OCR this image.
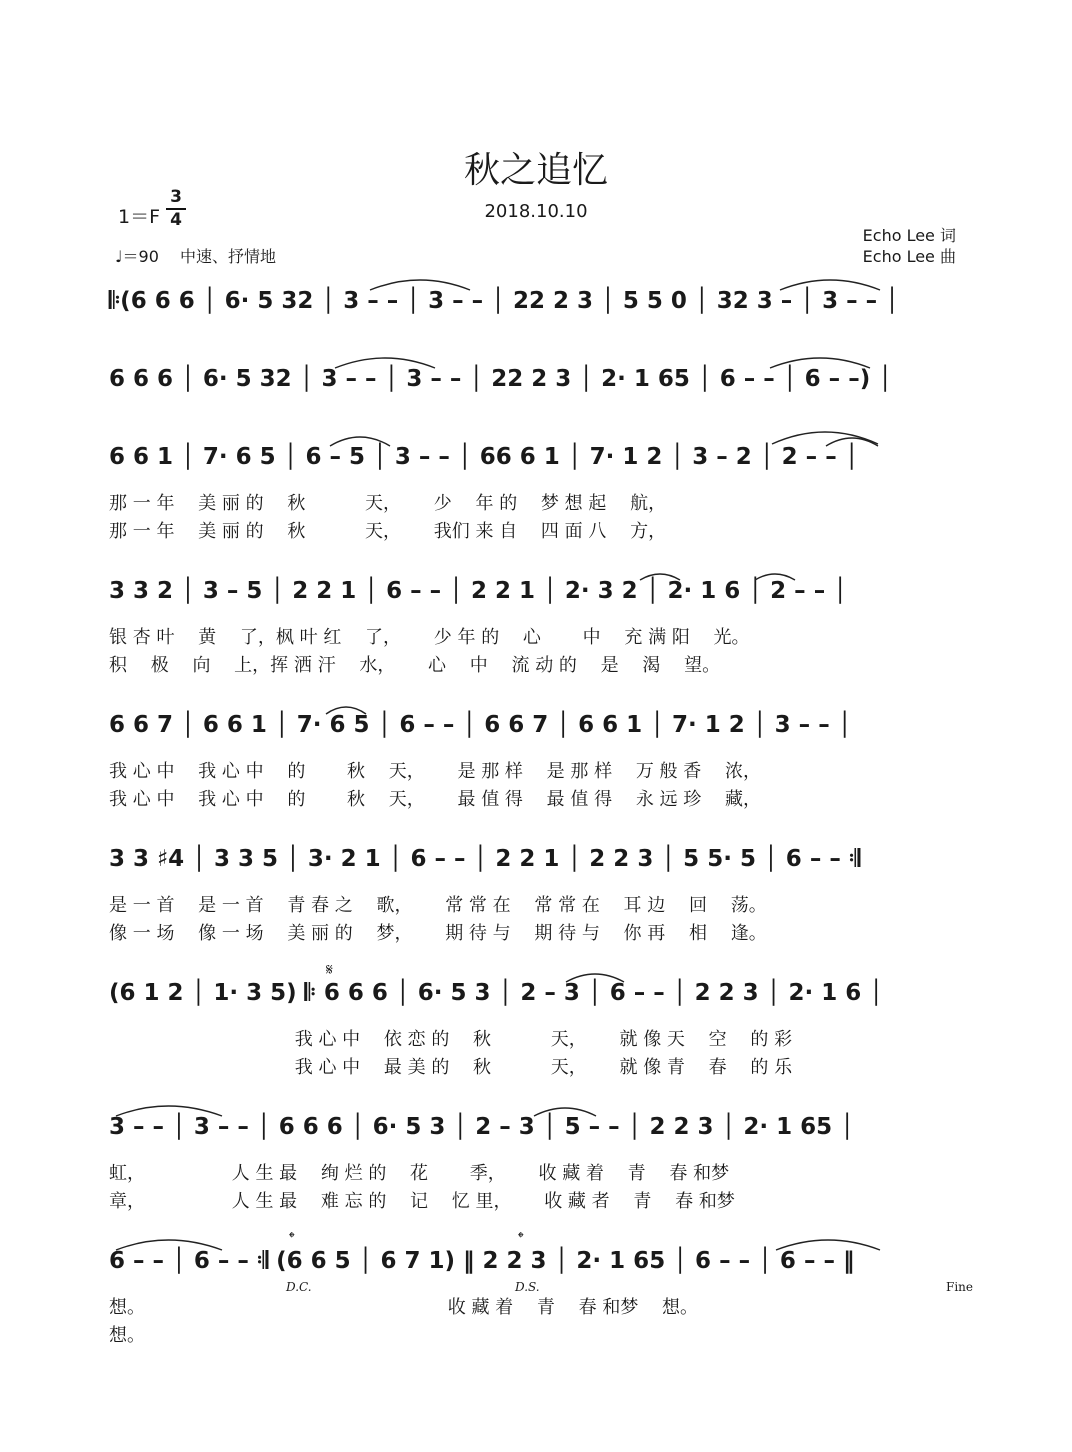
秋之追忆
2018.10.10
1＝F
3
4
♩＝90　 中速、抒情地
Echo Lee 词
Echo Lee 曲
𝄆(6 6 6 │ 6· 5 32 │ 3 – – │ 3 – – │ 22 2 3 │ 5 5 0 │ 32 3 – │ 3 – – │
6 6 6 │ 6· 5 32 │ 3 – – │ 3 – – │ 22 2 3 │ 2· 1 65 │ 6 – – │ 6 – –) │
6 6 1 │ 7· 6 5 │ 6 – 5 │ 3 – – │ 66 6 1 │ 7· 1 2 │ 3 – 2 │ 2 – – │
那 一 年　 美 丽 的　 秋　　　 天，　　 少　 年 的　 梦 想 起　 航，
那 一 年　 美 丽 的　 秋　　　 天，　　 我们 来 自　 四 面 八　 方，
3 3 2 │ 3 – 5 │ 2 2 1 │ 6 – – │ 2 2 1 │ 2· 3 2 │ 2· 1 6 │ 2 – – │
银 杏 叶　 黄　 了，枫 叶 红　 了，　　 少 年 的　 心　　 中　 充 满 阳　 光。
积　 极　 向　 上，挥 洒 汗　 水，　　 心　 中　 流 动 的　 是　 渴　 望。
6 6 7 │ 6 6 1 │ 7· 6 5 │ 6 – – │ 6 6 7 │ 6 6 1 │ 7· 1 2 │ 3 – – │
我 心 中　 我 心 中　 的　　 秋　 天，　　 是 那 样　 是 那 样　 万 般 香　 浓，
我 心 中　 我 心 中　 的　　 秋　 天，　　 最 值 得　 最 值 得　 永 远 珍　 藏，
3 3 ♯4 │ 3 3 5 │ 3· 2 1 │ 6 – – │ 2 2 1 │ 2 2 3 │ 5 5· 5 │ 6 – – 𝄇
是 一 首　 是 一 首　 青 春 之　 歌，　　 常 常 在　 常 常 在　 耳 边　 回　 荡。
像 一 场　 像 一 场　 美 丽 的　 梦，　　 期 待 与　 期 待 与　 你 再　 相　 逢。
(6 1 2 │ 1· 3 5) 𝄆 6 6 6 │ 6· 5 3 │ 2 – 3 │ 6 – – │ 2 2 3 │ 2· 1 6 │
　　　　　　　　　　 我 心 中　 依 恋 的　 秋　　　 天，　　 就 像 天　 空　 的 彩
　　　　　　　　　　 我 心 中　 最 美 的　 秋　　　 天，　　 就 像 青　 春　 的 乐
3 – – │ 3 – – │ 6 6 6 │ 6· 5 3 │ 2 – 3 │ 5 – – │ 2 2 3 │ 2· 1 65 │
虹，　　　　　 人 生 最　 绚 烂 的　 花　　 季，　　 收 藏 着　 青　 春 和梦
章，　　　　　 人 生 最　 难 忘 的　 记　 忆 里，　　 收 藏 者　 青　 春 和梦
6 – – │ 6 – – 𝄇 (6 6 5 │ 6 7 1) ‖ 2 2 3 │ 2· 1 65 │ 6 – – │ 6 – – ‖
想。　　　　　　　　　　　　　　　　　 收 藏 着　 青　 春 和梦　 想。
想。
𝄋
𝄌	𝄌
D.C.	D.S.	Fine
